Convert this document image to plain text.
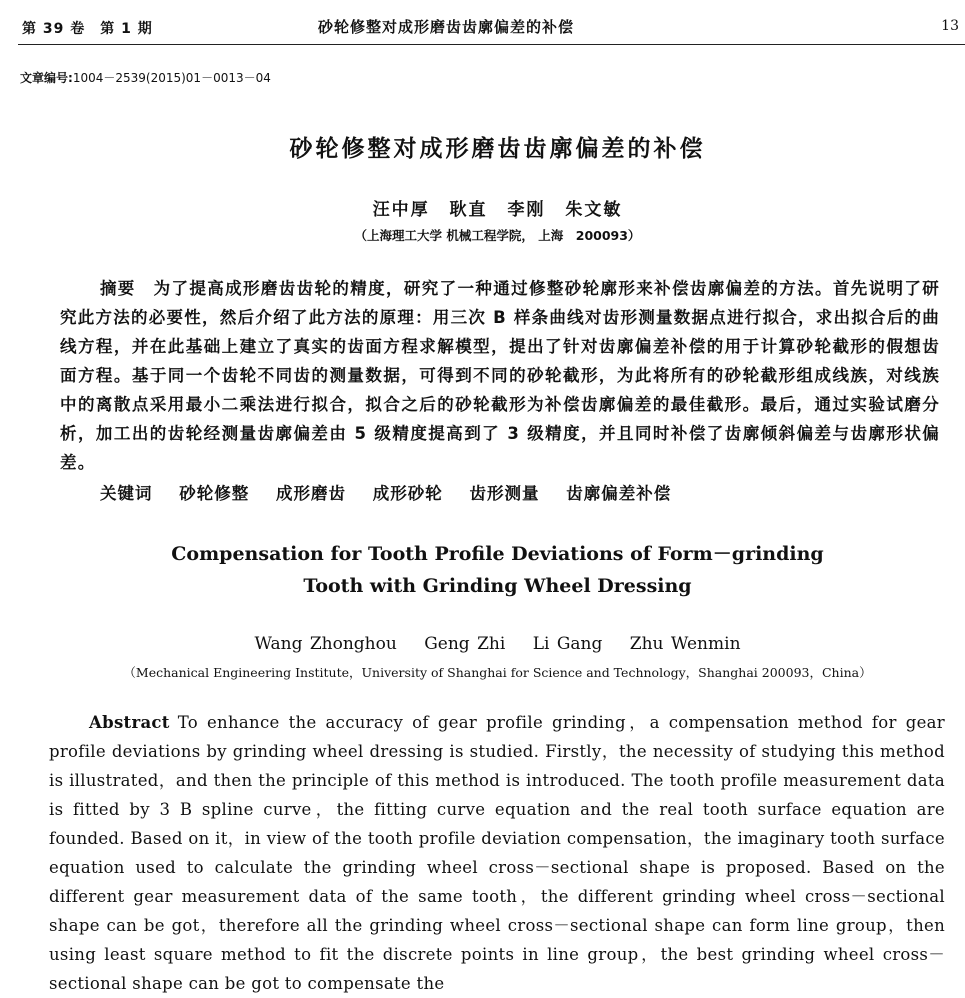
第 39 卷　第 1 期	砂轮修整对成形磨齿齿廓偏差的补偿	13
文章编号:1004－2539(2015)01－0013－04
砂轮修整对成形磨齿齿廓偏差的补偿
汪中厚 耿直 李刚 朱文敏
（上海理工大学 机械工程学院， 上海　200093）
摘要 为了提高成形磨齿齿轮的精度，研究了一种通过修整砂轮廓形来补偿齿廓偏差的方法。首先说明了研究此方法的必要性，然后介绍了此方法的原理：用三次 B 样条曲线对齿形测量数据点进行拟合，求出拟合后的曲线方程，并在此基础上建立了真实的齿面方程求解模型，提出了针对齿廓偏差补偿的用于计算砂轮截形的假想齿面方程。基于同一个齿轮不同齿的测量数据，可得到不同的砂轮截形，为此将所有的砂轮截形组成线族，对线族中的离散点采用最小二乘法进行拟合，拟合之后的砂轮截形为补偿齿廓偏差的最佳截形。最后，通过实验试磨分析，加工出的齿轮经测量齿廓偏差由 5 级精度提高到了 3 级精度，并且同时补偿了齿廓倾斜偏差与齿廓形状偏差。
关键词 砂轮修整 成形磨齿 成形砂轮 齿形测量 齿廓偏差补偿
Compensation for Tooth Profile Deviations of Form－grinding
Tooth with Grinding Wheel Dressing
Wang Zhonghou Geng Zhi Li Gang Zhu Wenmin
（Mechanical Engineering Institute，University of Shanghai for Science and Technology，Shanghai 200093，China）
Abstract To enhance the accuracy of gear profile grinding，a compensation method for gear profile deviations by grinding wheel dressing is studied. Firstly，the necessity of studying this method is illustrated，and then the principle of this method is introduced. The tooth profile measurement data is fitted by 3 B spline curve，the fitting curve equation and the real tooth surface equation are founded. Based on it，in view of the tooth profile deviation compensation，the imaginary tooth surface equation used to calculate the grinding wheel cross－sectional shape is proposed. Based on the different gear measurement data of the same tooth，the different grinding wheel cross－sectional shape can be got，therefore all the grinding wheel cross－sectional shape can form line group，then using least square method to fit the discrete points in line group，the best grinding wheel cross－sectional shape can be got to compensate the
